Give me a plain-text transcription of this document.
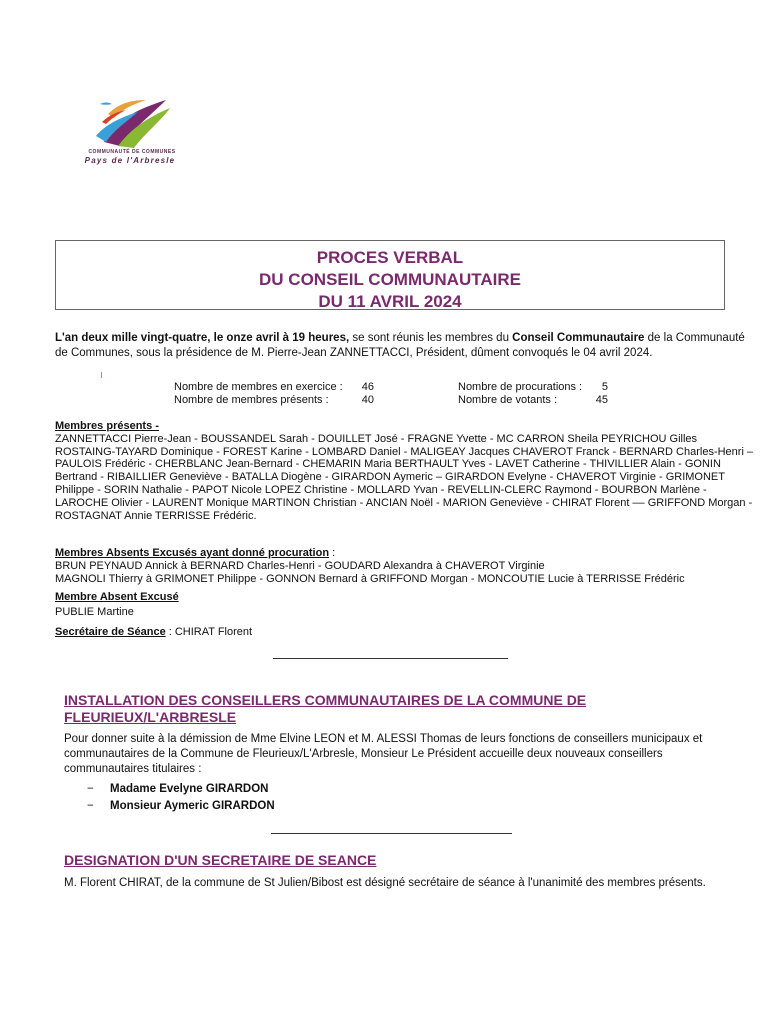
COMMUNAUTÉ DE COMMUNES
Pays de l'Arbresle
PROCES VERBAL
DU CONSEIL COMMUNAUTAIRE
DU 11 AVRIL 2024
L'an deux mille vingt-quatre, le onze avril à 19 heures, se sont réunis les membres du Conseil Communautaire de la Communauté de Communes, sous la présidence de M. Pierre-Jean ZANNETTACCI, Président, dûment convoqués le 04 avril 2024.
Nombre de membres en exercice :	46	Nombre de procurations :	5
Nombre de membres présents :	40	Nombre de votants :	45
Membres présents -
ZANNETTACCI Pierre-Jean - BOUSSANDEL Sarah - DOUILLET José - FRAGNE Yvette - MC CARRON Sheila PEYRICHOU Gilles ROSTAING-TAYARD Dominique - FOREST Karine - LOMBARD Daniel - MALIGEAY Jacques CHAVEROT Franck - BERNARD Charles-Henri – PAULOIS Frédéric - CHERBLANC Jean-Bernard - CHEMARIN Maria BERTHAULT Yves - LAVET Catherine - THIVILLIER Alain - GONIN Bertrand - RIBAILLIER Geneviève - BATALLA Diogène - GIRARDON Aymeric – GIRARDON Evelyne - CHAVEROT Virginie - GRIMONET Philippe - SORIN Nathalie - PAPOT Nicole LOPEZ Christine - MOLLARD Yvan - REVELLIN-CLERC Raymond - BOURBON Marlène - LAROCHE Olivier - LAURENT Monique MARTINON Christian - ANCIAN Noël - MARION Geneviève - CHIRAT Florent –– GRIFFOND Morgan - ROSTAGNAT Annie TERRISSE Frédéric.
Membres Absents Excusés ayant donné procuration :
BRUN PEYNAUD Annick à BERNARD Charles-Henri - GOUDARD Alexandra à CHAVEROT Virginie
MAGNOLI Thierry à GRIMONET Philippe - GONNON Bernard à GRIFFOND Morgan - MONCOUTIE Lucie à TERRISSE Frédéric
Membre Absent Excusé
PUBLIE Martine
Secrétaire de Séance : CHIRAT Florent
INSTALLATION DES CONSEILLERS COMMUNAUTAIRES DE LA COMMUNE DE FLEURIEUX/L'ARBRESLE
Pour donner suite à la démission de Mme Elvine LEON et M. ALESSI Thomas de leurs fonctions de conseillers municipaux et communautaires de la Commune de Fleurieux/L'Arbresle, Monsieur Le Président accueille deux nouveaux conseillers communautaires titulaires :
− Madame Evelyne GIRARDON
− Monsieur Aymeric GIRARDON
DESIGNATION D'UN SECRETAIRE DE SEANCE
M. Florent CHIRAT, de la commune de St Julien/Bibost est désigné secrétaire de séance à l'unanimité des membres présents.
